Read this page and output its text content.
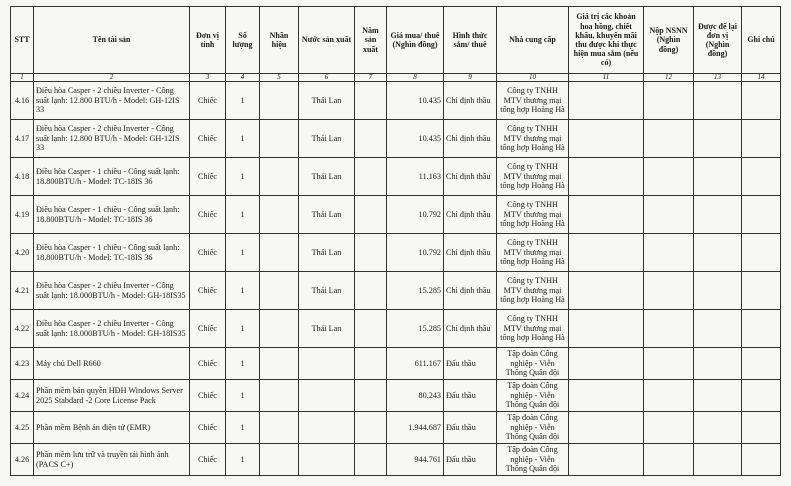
STT	Tên tài sản	Đơn vị tính	Số lượng	Nhãn hiệu	Nước sản xuất	Năm sản xuất	Giá mua/ thuê (Nghìn đồng)	Hình thức sắm/ thuê	Nhà cung cấp	Giá trị các khoản hoa hồng, chiết khấu, khuyến mãi thu được khi thực hiện mua sắm (nếu có)	Nộp NSNN (Nghìn đồng)	Được để lại đơn vị (Nghìn đồng)	Ghi chú
1	2	3	4	5	6	7	8	9	10	11	12	13	14
4.16	Điều hòa Casper - 2 chiều Inverter - Công suất lạnh: 12.800 BTU/h - Model: GH-12IS 33	Chiếc	1		Thái Lan		10.435	Chỉ định thầu	Công ty TNHH MTV thương mại tổng hợp Hoàng Hà				
4.17	Điều hòa Casper - 2 chiều Inverter - Công suất lạnh: 12.800 BTU/h - Model: GH-12IS 33	Chiếc	1		Thái Lan		10.435	Chỉ định thầu	Công ty TNHH MTV thương mại tổng hợp Hoàng Hà				
4.18	Điều hòa Casper - 1 chiều - Công suất lạnh: 18.800BTU/h - Model: TC-18IS 36	Chiếc	1		Thái Lan		11.163	Chỉ định thầu	Công ty TNHH MTV thương mại tổng hợp Hoàng Hà				
4.19	Điều hòa Casper - 1 chiều - Công suất lạnh: 18.800BTU/h - Model: TC-18IS 36	Chiếc	1		Thái Lan		10.792	Chỉ định thầu	Công ty TNHH MTV thương mại tổng hợp Hoàng Hà				
4.20	Điều hòa Casper - 1 chiều - Công suất lạnh: 18.800BTU/h - Model: TC-18IS 36	Chiếc	1		Thái Lan		10.792	Chỉ định thầu	Công ty TNHH MTV thương mại tổng hợp Hoàng Hà				
4.21	Điều hòa Casper - 2 chiều Inverter - Công suất lạnh: 18.000BTU/h - Model: GH-18IS35	Chiếc	1		Thái Lan		15.285	Chỉ định thầu	Công ty TNHH MTV thương mại tổng hợp Hoàng Hà				
4.22	Điều hòa Casper - 2 chiều Inverter - Công suất lạnh: 18.000BTU/h - Model: GH-18IS35	Chiếc	1		Thái Lan		15.285	Chỉ định thầu	Công ty TNHH MTV thương mại tổng hợp Hoàng Hà				
4.23	Máy chủ Dell R660	Chiếc	1				611.167	Đấu thầu	Tập đoàn Công nghiệp - Viễn Thông Quân đội				
4.24	Phần mềm bản quyền HĐH Windows Server 2025 Stabdard -2 Core License Pack	Chiếc	1				80.243	Đấu thầu	Tập đoàn Công nghiệp - Viễn Thông Quân đội				
4.25	Phần mềm Bệnh án điện tử (EMR)	Chiếc	1				1.944.687	Đấu thầu	Tập đoàn Công nghiệp - Viễn Thông Quân đội				
4.26	Phần mềm lưu trữ và truyền tải hình ảnh (PACS C+)	Chiếc	1				944.761	Đấu thầu	Tập đoàn Công nghiệp - Viễn Thông Quân đội				
